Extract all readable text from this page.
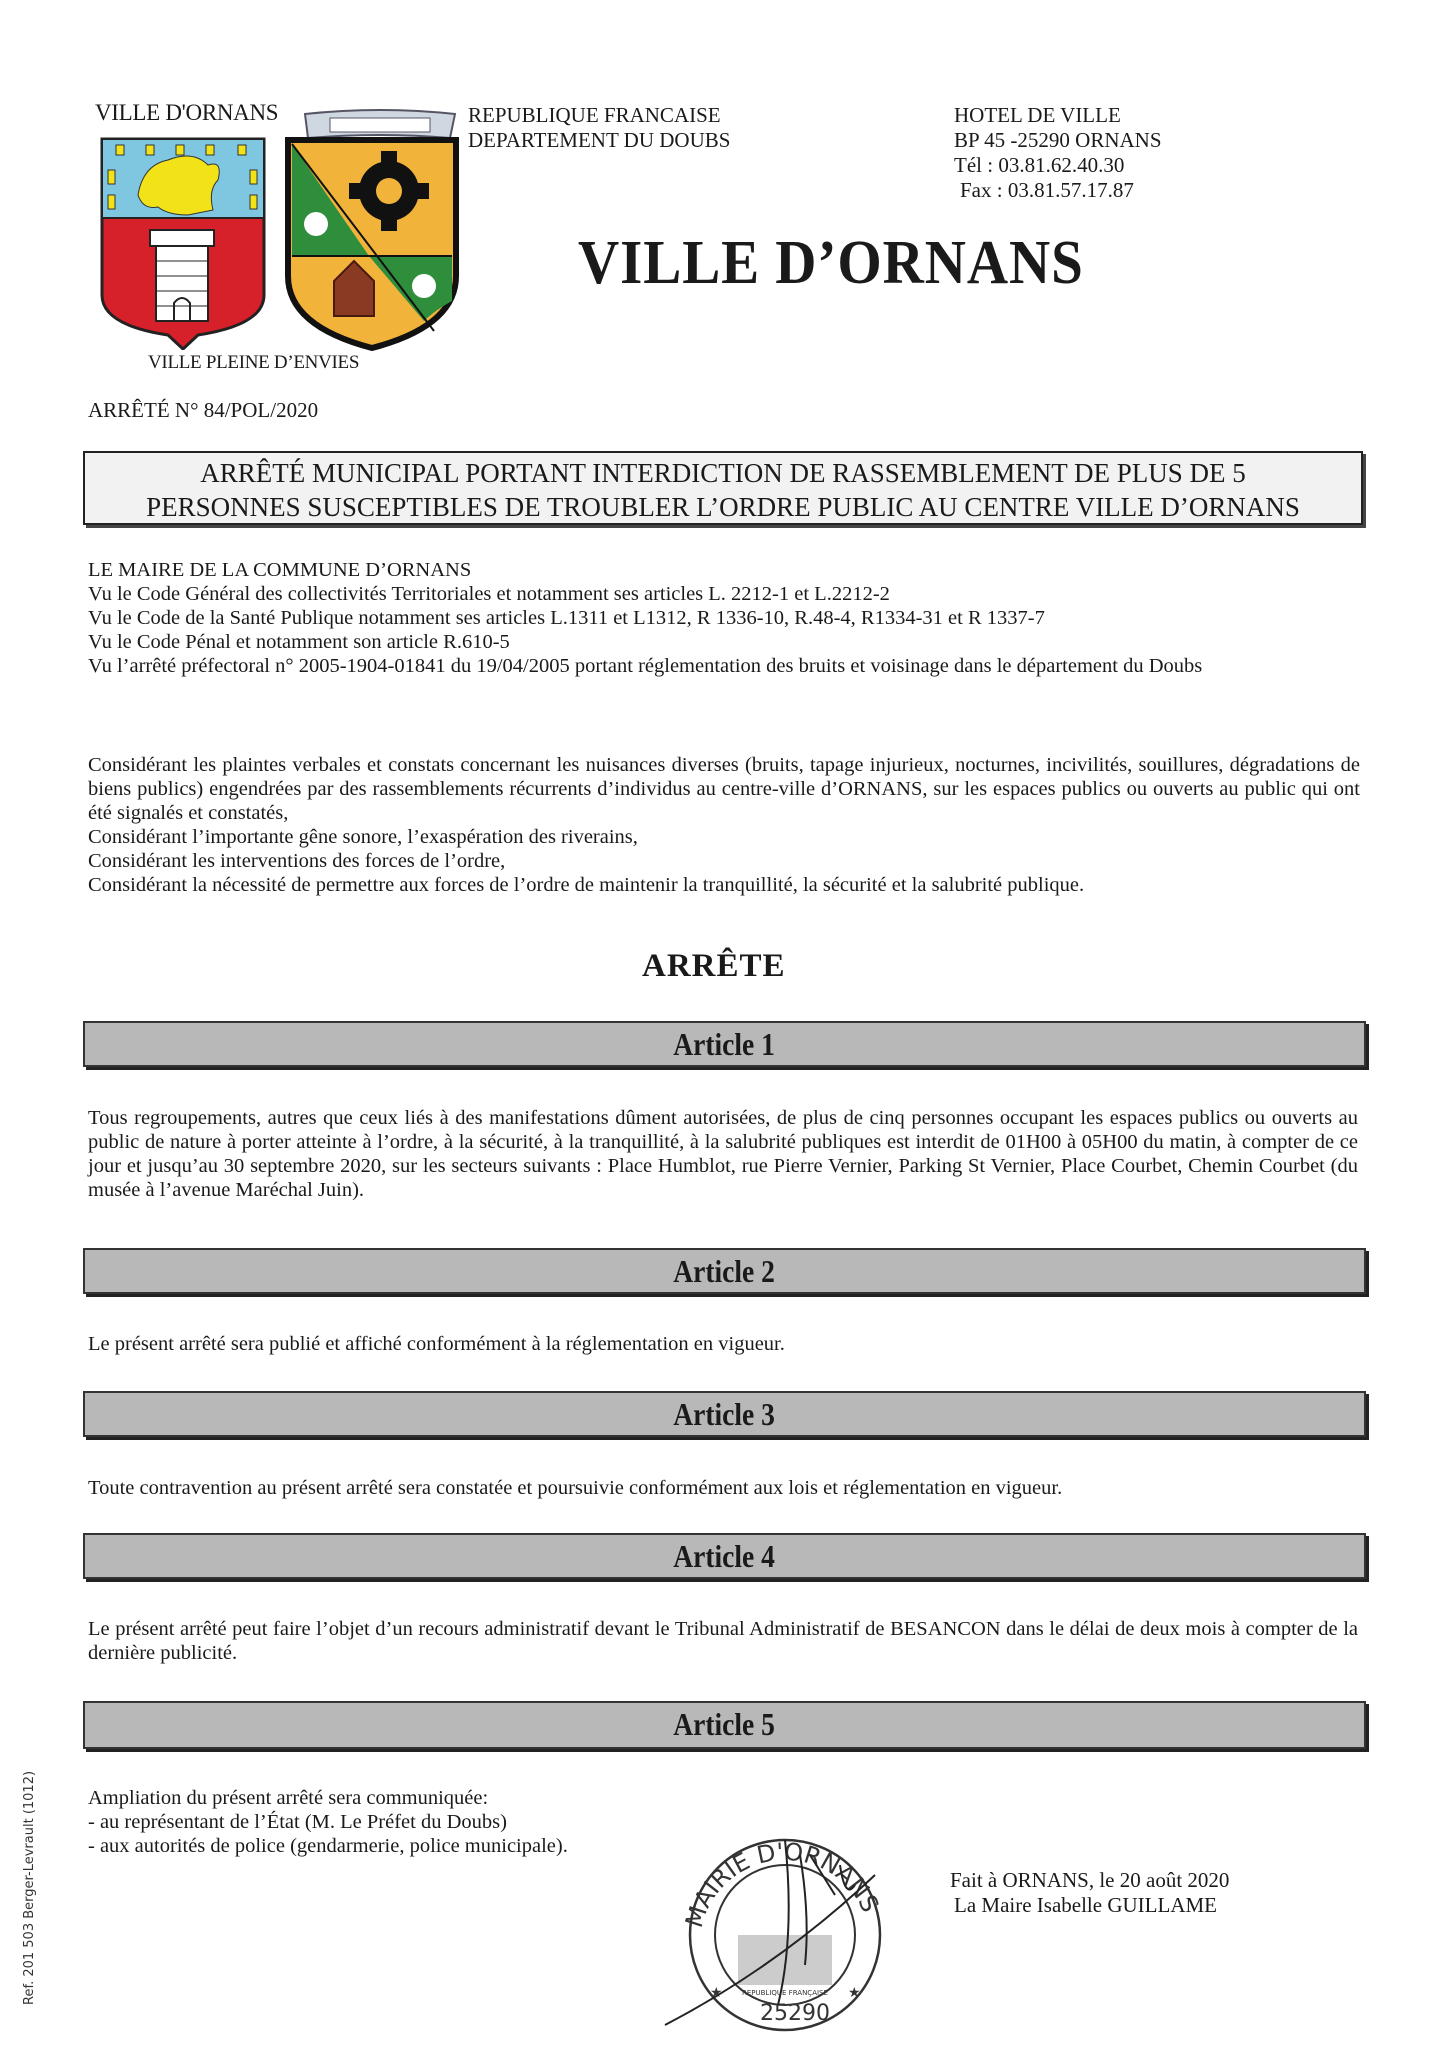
VILLE D'ORNANS
VILLE PLEINE D’ENVIES
REPUBLIQUE FRANCAISE
DEPARTEMENT DU DOUBS
HOTEL DE VILLE
BP 45 -25290 ORNANS
Tél : 03.81.62.40.30
Fax : 03.81.57.17.87
VILLE D’ORNANS
ARRÊTÉ N° 84/POL/2020
ARRÊTÉ MUNICIPAL PORTANT INTERDICTION DE RASSEMBLEMENT DE PLUS DE 5
PERSONNES SUSCEPTIBLES DE TROUBLER L’ORDRE PUBLIC AU CENTRE VILLE D’ORNANS
LE MAIRE DE LA COMMUNE D’ORNANS
Vu le Code Général des collectivités Territoriales et notamment ses articles L. 2212-1 et L.2212-2
Vu le Code de la Santé Publique notamment ses articles L.1311 et L1312, R 1336-10, R.48-4, R1334-31 et R 1337-7
Vu le Code Pénal et notamment son article R.610-5
Vu l’arrêté préfectoral n° 2005-1904-01841 du 19/04/2005 portant réglementation des bruits et voisinage dans le département du Doubs
Considérant les plaintes verbales et constats concernant les nuisances diverses (bruits, tapage injurieux, nocturnes, incivilités, souillures, dégradations de biens publics) engendrées par des rassemblements récurrents d’individus au centre-ville d’ORNANS, sur les espaces publics ou ouverts au public qui ont été signalés et constatés,
Considérant l’importante gêne sonore, l’exaspération des riverains,
Considérant les interventions des forces de l’ordre,
Considérant la nécessité de permettre aux forces de l’ordre de maintenir la tranquillité, la sécurité et la salubrité publique.
ARRÊTE
Article 1
Tous regroupements, autres que ceux liés à des manifestations dûment autorisées, de plus de cinq personnes occupant les espaces publics ou ouverts au public de nature à porter atteinte à l’ordre, à la sécurité, à la tranquillité, à la salubrité publiques est interdit de 01H00 à 05H00 du matin, à compter de ce jour et jusqu’au 30 septembre 2020, sur les secteurs suivants : Place Humblot, rue Pierre Vernier, Parking St Vernier, Place Courbet, Chemin Courbet (du musée à l’avenue Maréchal Juin).
Article 2
Le présent arrêté sera publié et affiché conformément à la réglementation en vigueur.
Article 3
Toute contravention au présent arrêté sera constatée et poursuivie conformément aux lois et réglementation en vigueur.
Article 4
Le présent arrêté peut faire l’objet d’un recours administratif devant le Tribunal Administratif de BESANCON dans le délai de deux mois à compter de la dernière publicité.
Article 5
Ampliation du présent arrêté sera communiquée:
- au représentant de l’État (M. Le Préfet du Doubs)
- aux autorités de police (gendarmerie, police municipale).
MAIRIE D'ORNANS
25290
REPUBLIQUE FRANÇAISE
★	★
Fait à ORNANS, le 20 août 2020
La Maire Isabelle GUILLAME
Ref. 201 503 Berger-Levrault (1012)
